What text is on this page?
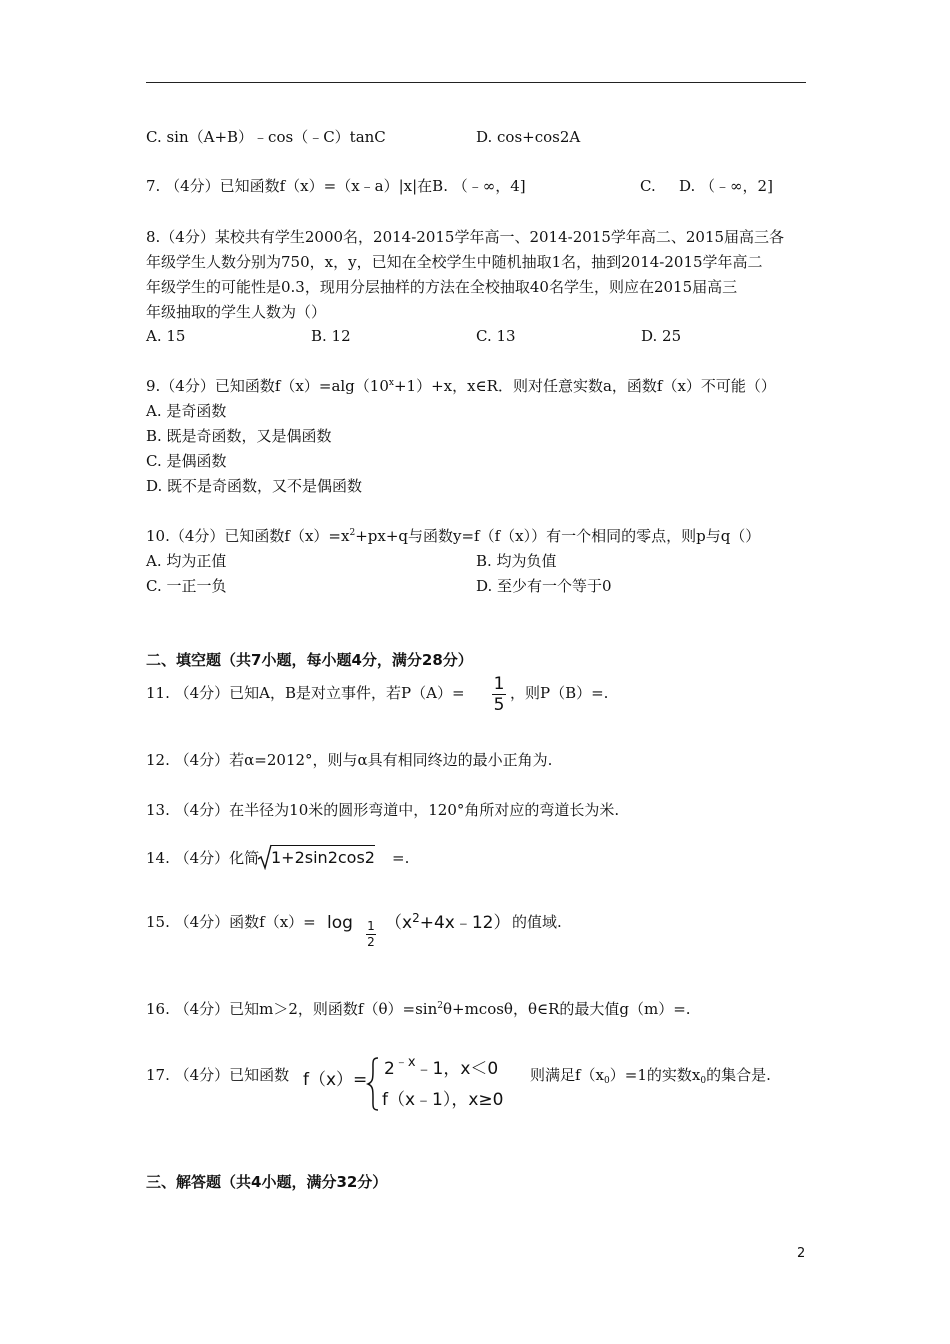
C. sin（A+B）﹣cos（﹣C）tanC	D. cos+cos2A
7. （4分）已知函数f（x）=（x﹣a）|x|在B. （﹣∞，4]	C. D. （﹣∞，2]
8.（4分）某校共有学生2000名，2014-2015学年高一、2014-2015学年高二、2015届高三各
年级学生人数分别为750，x，y，已知在全校学生中随机抽取1名，抽到2014-2015学年高二
年级学生的可能性是0.3，现用分层抽样的方法在全校抽取40名学生，则应在2015届高三
年级抽取的学生人数为（）
A. 15	B. 12	C. 13	D. 25
9.（4分）已知函数$f(x)=alg(10^x+1)+x$，x∈R．则对任意实数a，函数f（x）不可能（）
A. 是奇函数
B. 既是奇函数，又是偶函数
C. 是偶函数
D. 既不是奇函数，又不是偶函数
10.（4分）已知函数$f(x)=x^2+px+q$与函数y=f（f（x））有一个相同的零点，则p与q（）
A. 均为正值	B. 均为负值
C. 一正一负	D. 至少有一个等于0
二、填空题（共7小题，每小题4分，满分28分）
11. （4分）已知A，B是对立事件，若P（A）= 1
5
，则P（B）=.
12. （4分）若α=2012°，则与α具有相同终边的最小正角为.
13. （4分）在半径为10米的圆形弯道中，120°角所对应的弯道长为米.
14. （4分）化简 1+2sin2cos2 =.
15. （4分）函数f（x）= log 1
2
$(x^2+4x﹣12)$ 的值域.
16. （4分）已知m＞2，则函数$f(\theta)=\sin^2\theta+mcos\theta$，θ∈R的最大值g（m）=.
17. （4分）已知函数 f（x）=
$2^{﹣x}﹣1$，x＜0
f（x﹣1），x≥0
则满足$f(x_0)=1$的实数$x_0$的集合是.
三、解答题（共4小题，满分32分）
2
